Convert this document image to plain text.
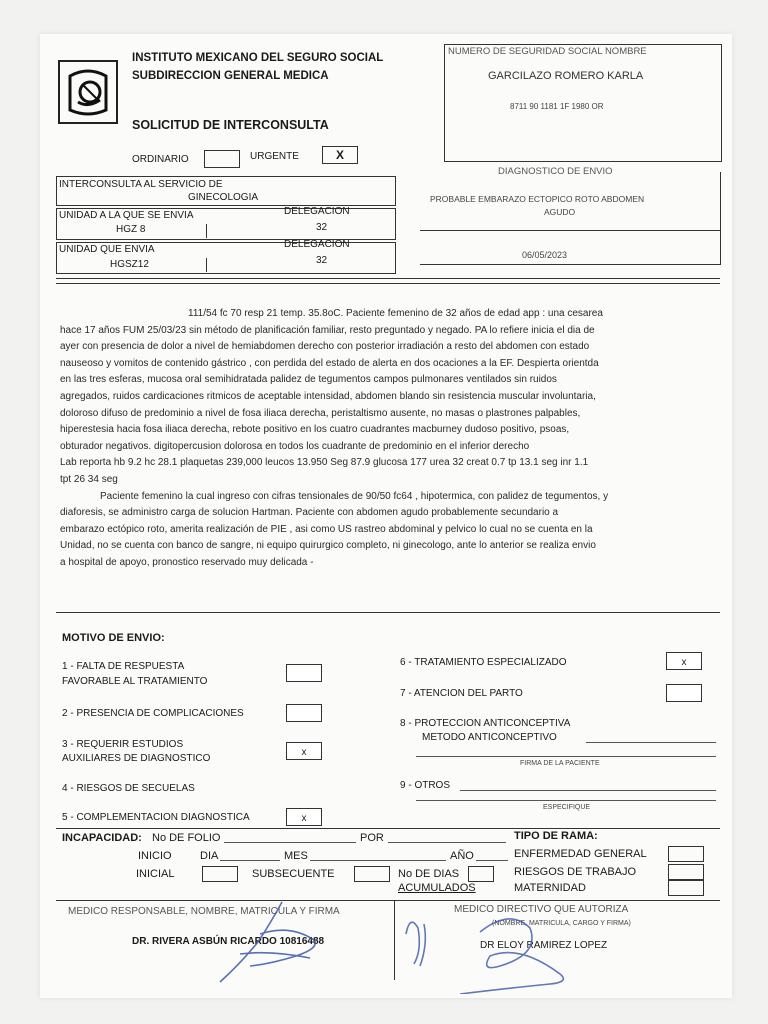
INSTITUTO MEXICANO DEL SEGURO SOCIAL
SUBDIRECCION GENERAL MEDICA
SOLICITUD DE INTERCONSULTA
ORDINARIO	URGENTE	X
NUMERO DE SEGURIDAD SOCIAL NOMBRE
GARCILAZO ROMERO KARLA
8711 90 1181 1F 1980 OR
INTERCONSULTA AL SERVICIO DE
GINECOLOGIA
UNIDAD A LA QUE SE ENVIA
HGZ 8
DELEGACION
32
UNIDAD QUE ENVIA
HGSZ12
DELEGACION
32
DIAGNOSTICO DE ENVIO
PROBABLE EMBARAZO ECTOPICO ROTO ABDOMEN
AGUDO
06/05/2023
111/54 fc 70 resp 21 temp. 35.8oC. Paciente femenino de 32 años de edad app : una cesarea
hace 17 años FUM 25/03/23 sin método de planificación familiar, resto preguntado y negado. PA lo refiere inicia el dia de
ayer con presencia de dolor a nivel de hemiabdomen derecho con posterior irradiación a resto del abdomen con estado
nauseoso y vomitos de contenido gástrico , con perdida del estado de alerta en dos ocaciones a la EF. Despierta orientda
en las tres esferas, mucosa oral semihidratada palidez de tegumentos campos pulmonares ventilados sin ruidos
agregados, ruidos cardicaciones ritmicos de aceptable intensidad, abdomen blando sin resistencia muscular involuntaria,
doloroso difuso de predominio a nivel de fosa iliaca derecha, peristaltismo ausente, no masas o plastrones palpables,
hiperestesia hacia fosa iliaca derecha, rebote positivo en los cuatro cuadrantes macburney dudoso positivo, psoas,
obturador negativos. digitopercusion dolorosa en todos los cuadrante de predominio en el inferior derecho
Lab reporta hb 9.2 hc 28.1 plaquetas 239,000 leucos 13.950 Seg 87.9 glucosa 177 urea 32 creat 0.7 tp 13.1 seg inr 1.1
tpt 26 34 seg
Paciente femenino la cual ingreso con cifras tensionales de 90/50 fc64 , hipotermica, con palidez de tegumentos, y
diaforesis, se administro carga de solucion Hartman. Paciente con abdomen agudo probablemente secundario a
embarazo ectópico roto, amerita realización de PIE , asi como US rastreo abdominal y pelvico lo cual no se cuenta en la
Unidad, no se cuenta con banco de sangre, ni equipo quirurgico completo, ni ginecologo, ante lo anterior se realiza envio
a hospital de apoyo, pronostico reservado muy delicada -
MOTIVO DE ENVIO:
1 - FALTA DE RESPUESTA
FAVORABLE AL TRATAMIENTO
2 - PRESENCIA DE COMPLICACIONES
3 - REQUERIR ESTUDIOS
AUXILIARES DE DIAGNOSTICO
x
4 - RIESGOS DE SECUELAS
5 - COMPLEMENTACION DIAGNOSTICA	x
6 - TRATAMIENTO ESPECIALIZADO	x
7 - ATENCION DEL PARTO
8 - PROTECCION ANTICONCEPTIVA
METODO ANTICONCEPTIVO
FIRMA DE LA PACIENTE
9 - OTROS
ESPECIFIQUE
INCAPACIDAD: No DE FOLIO	POR	TIPO DE RAMA:
INICIO	DIA	MES	AÑO	ENFERMEDAD GENERAL
INICIAL	SUBSECUENTE	No DE DIAS
ACUMULADOS
RIESGOS DE TRABAJO
MATERNIDAD
MEDICO RESPONSABLE, NOMBRE, MATRICULA Y FIRMA
DR. RIVERA ASBÚN RICARDO 10816488
MEDICO DIRECTIVO QUE AUTORIZA
(NOMBRE, MATRICULA, CARGO Y FIRMA)
DR ELOY RAMIREZ LOPEZ
